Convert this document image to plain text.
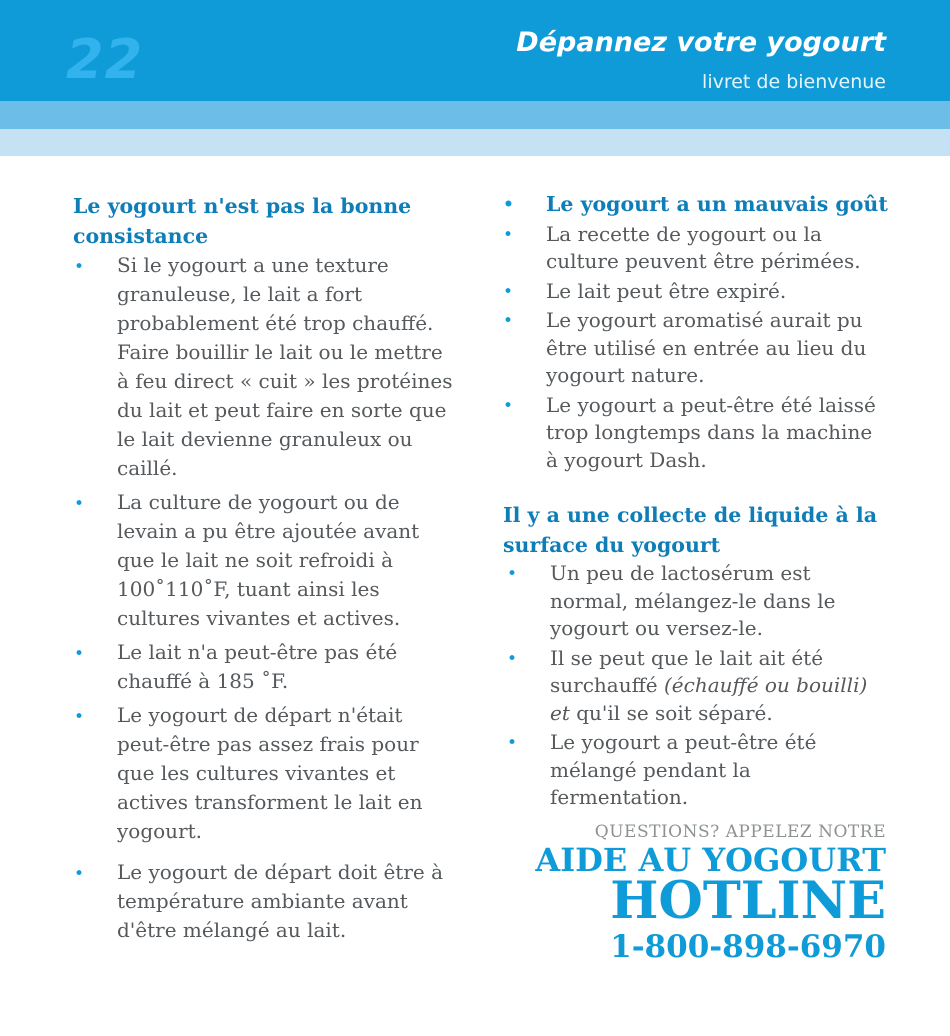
22	Dépannez votre yogourt
livret de bienvenue
Le yogourt n'est pas la bonne consistance
• Si le yogourt a une texture granuleuse, le lait a fort probablement été trop chauffé. Faire bouillir le lait ou le mettre à feu direct « cuit » les protéines du lait et peut faire en sorte que le lait devienne granuleux ou caillé.
• La culture de yogourt ou de levain a pu être ajoutée avant que le lait ne soit refroidi à 100˚110˚F, tuant ainsi les cultures vivantes et actives.
• Le lait n'a peut-être pas été chauffé à 185 ˚F.
• Le yogourt de départ n'était peut-être pas assez frais pour que les cultures vivantes et actives transforment le lait en yogourt.
• Le yogourt de départ doit être à température ambiante avant d'être mélangé au lait.
• Le yogourt a un mauvais goût
• La recette de yogourt ou la culture peuvent être périmées.
• Le lait peut être expiré.
• Le yogourt aromatisé aurait pu être utilisé en entrée au lieu du yogourt nature.
• Le yogourt a peut-être été laissé trop longtemps dans la machine à yogourt Dash.
Il y a une collecte de liquide à la surface du yogourt
• Un peu de lactosérum est normal, mélangez-le dans le yogourt ou versez-le.
• Il se peut que le lait ait été surchauffé (échauffé ou bouilli) et qu'il se soit séparé.
• Le yogourt a peut-être été mélangé pendant la fermentation.
QUESTIONS? APPELEZ NOTRE
AIDE AU YOGOURT
HOTLINE
1-800-898-6970
